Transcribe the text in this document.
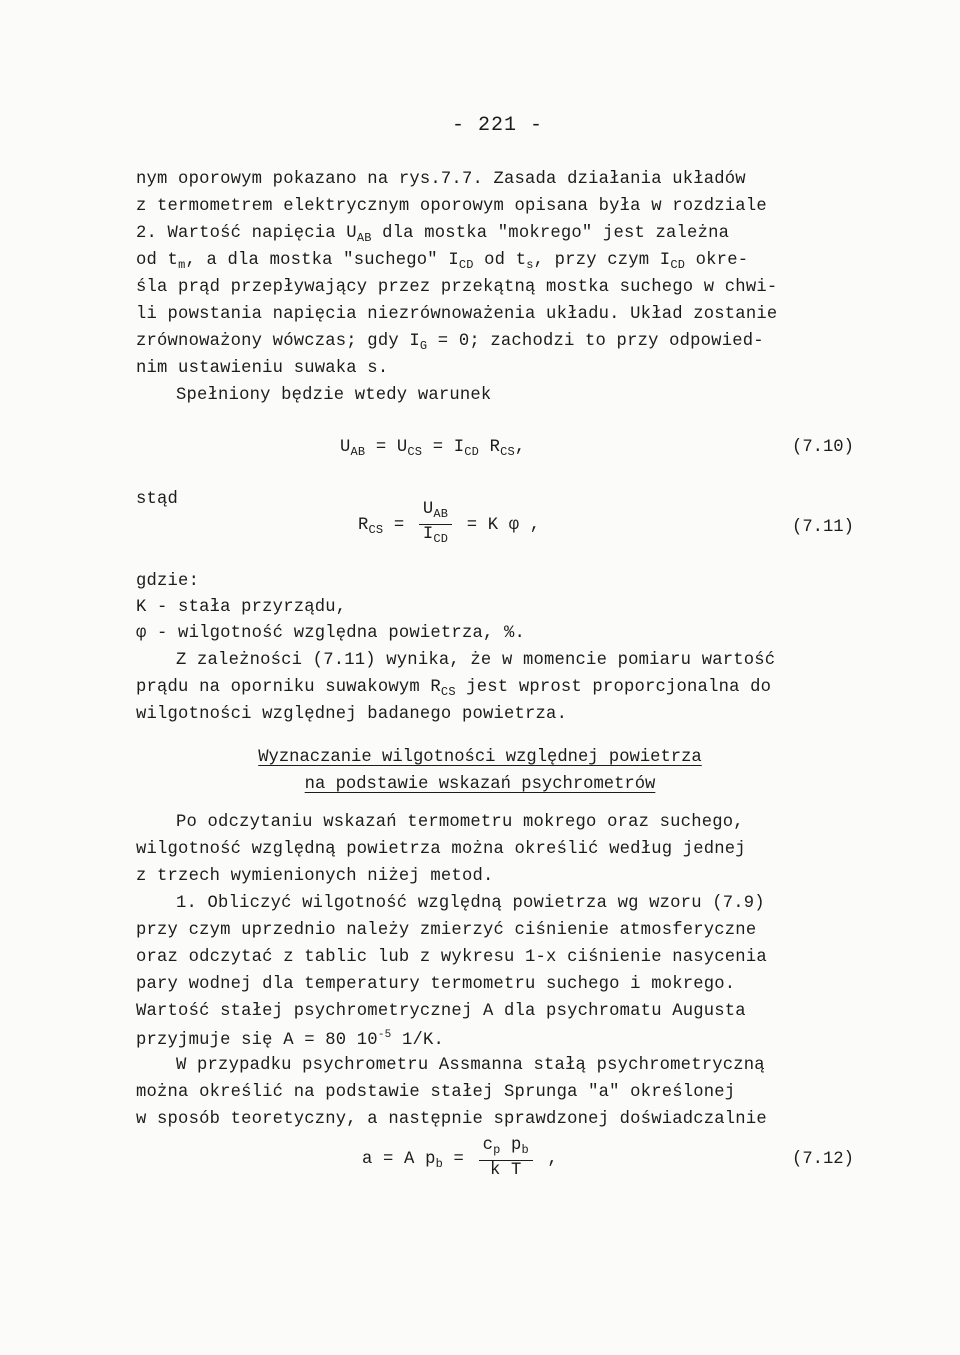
- 221 -
nym oporowym pokazano na rys.7.7. Zasada działania układów
z termometrem elektrycznym oporowym opisana była w rozdziale
2. Wartość napięcia $U_{AB}$ dla mostka "mokrego" jest zależna
od $t_m$, a dla mostka "suchego" $I_{CD}$ od $t_s$, przy czym $I_{CD}$ okre-
śla prąd przepływający przez przekątną mostka suchego w chwi-
li powstania napięcia niezrównoważenia układu. Układ zostanie
zrównoważony wówczas; gdy $I_G = 0$; zachodzi to przy odpowied-
nim ustawieniu suwaka s.
Spełniony będzie wtedy warunek
$U_{AB} = U_{CS} = I_{CD}$ $R_{CS}$,	(7.10)
stąd
$R_{CS} = \frac{U_{AB}}{I_{CD}} = K$ φ ,	(7.11)
gdzie:
K - stała przyrządu,
φ - wilgotność względna powietrza, %.
Z zależności (7.11) wynika, że w momencie pomiaru wartość
prądu na oporniku suwakowym $R_{CS}$ jest wprost proporcjonalna do
wilgotności względnej badanego powietrza.
Wyznaczanie wilgotności względnej powietrza
na podstawie wskazań psychrometrów
Po odczytaniu wskazań termometru mokrego oraz suchego,
wilgotność względną powietrza można określić według jednej
z trzech wymienionych niżej metod.
1. Obliczyć wilgotność względną powietrza wg wzoru (7.9)
przy czym uprzednio należy zmierzyć ciśnienie atmosferyczne
oraz odczytać z tablic lub z wykresu 1-x ciśnienie nasycenia
pary wodnej dla temperatury termometru suchego i mokrego.
Wartość stałej psychrometrycznej A dla psychromatu Augusta
przyjmuje się A = 80 $10^{-5}$ 1/K.
W przypadku psychrometru Assmanna stałą psychrometryczną
można określić na podstawie stałej Sprunga "a" określonej
w sposób teoretyczny, a następnie sprawdzonej doświadczalnie
a = A $p_b = \frac{c_p p_b}{\text{k T}}$ ,	(7.12)
